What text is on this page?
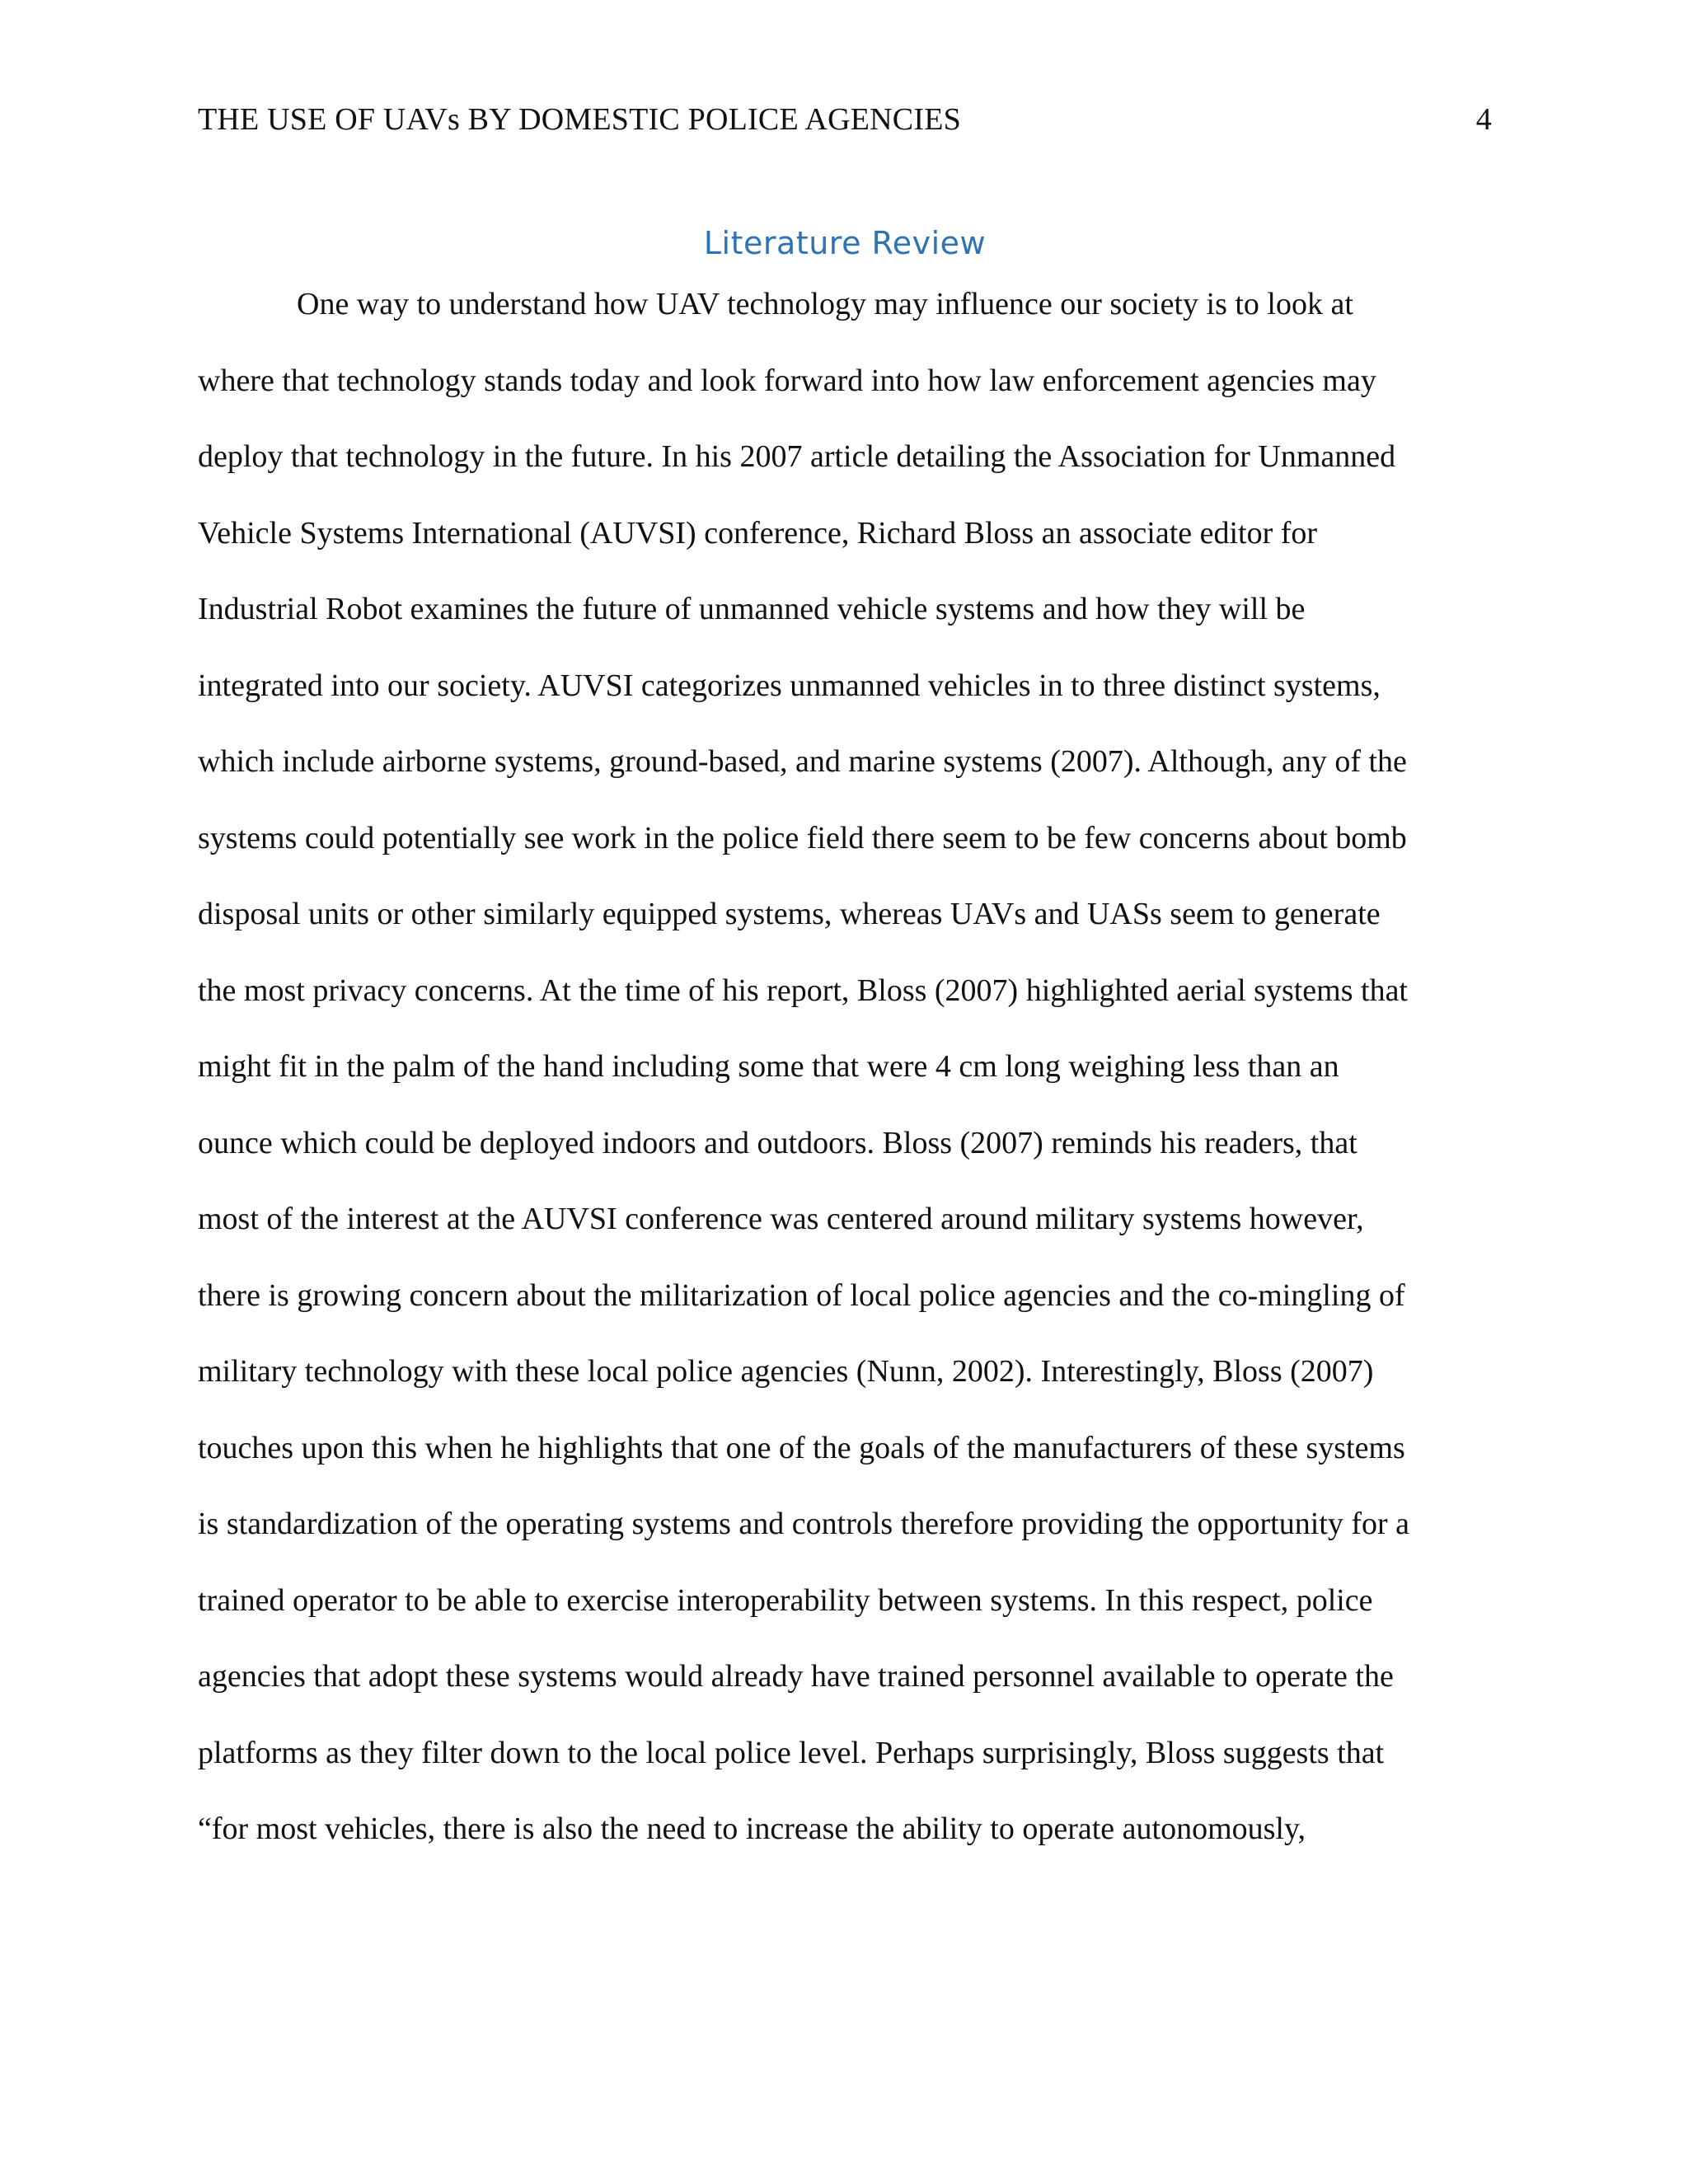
THE USE OF UAVs BY DOMESTIC POLICE AGENCIES	4
Literature Review
One way to understand how UAV technology may influence our society is to look at
where that technology stands today and look forward into how law enforcement agencies may
deploy that technology in the future. In his 2007 article detailing the Association for Unmanned
Vehicle Systems International (AUVSI) conference, Richard Bloss an associate editor for
Industrial Robot examines the future of unmanned vehicle systems and how they will be
integrated into our society. AUVSI categorizes unmanned vehicles in to three distinct systems,
which include airborne systems, ground-based, and marine systems (2007). Although, any of the
systems could potentially see work in the police field there seem to be few concerns about bomb
disposal units or other similarly equipped systems, whereas UAVs and UASs seem to generate
the most privacy concerns. At the time of his report, Bloss (2007) highlighted aerial systems that
might fit in the palm of the hand including some that were 4 cm long weighing less than an
ounce which could be deployed indoors and outdoors. Bloss (2007) reminds his readers, that
most of the interest at the AUVSI conference was centered around military systems however,
there is growing concern about the militarization of local police agencies and the co-mingling of
military technology with these local police agencies (Nunn, 2002). Interestingly, Bloss (2007)
touches upon this when he highlights that one of the goals of the manufacturers of these systems
is standardization of the operating systems and controls therefore providing the opportunity for a
trained operator to be able to exercise interoperability between systems. In this respect, police
agencies that adopt these systems would already have trained personnel available to operate the
platforms as they filter down to the local police level. Perhaps surprisingly, Bloss suggests that
“for most vehicles, there is also the need to increase the ability to operate autonomously,
